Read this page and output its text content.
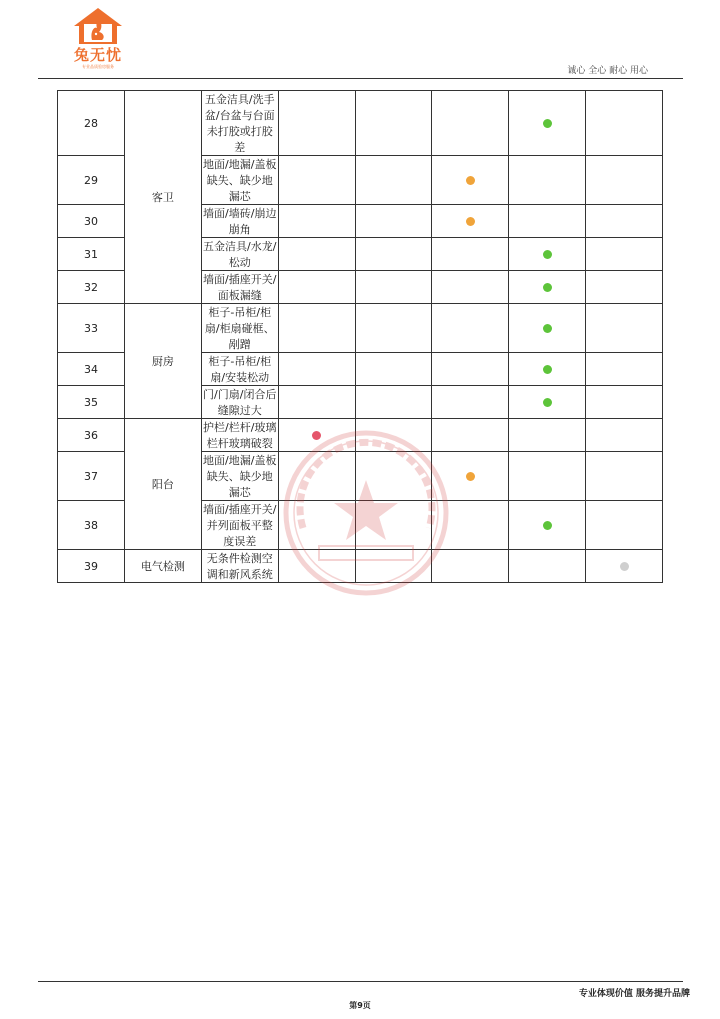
兔无忧
专业品质验房服务	诚心 全心 耐心 用心
28	客卫	五金洁具/洗手盆/台盆与台面未打胶或打胶差					
29		地面/地漏/盖板缺失、缺少地漏芯					
30		墙面/墙砖/崩边崩角					
31		五金洁具/水龙/松动					
32		墙面/插座开关/面板漏缝					
33	厨房	柜子-吊柜/柜扇/柜扇碰框、剐蹭					
34		柜子-吊柜/柜扇/安装松动					
35		门/门扇/闭合后缝隙过大					
36	阳台	护栏/栏杆/玻璃栏杆玻璃破裂					
37		地面/地漏/盖板缺失、缺少地漏芯					
38		墙面/插座开关/并列面板平整度误差					
39	电气检测	无条件检测空调和新风系统					
专业体现价值 服务提升品牌
第9页
